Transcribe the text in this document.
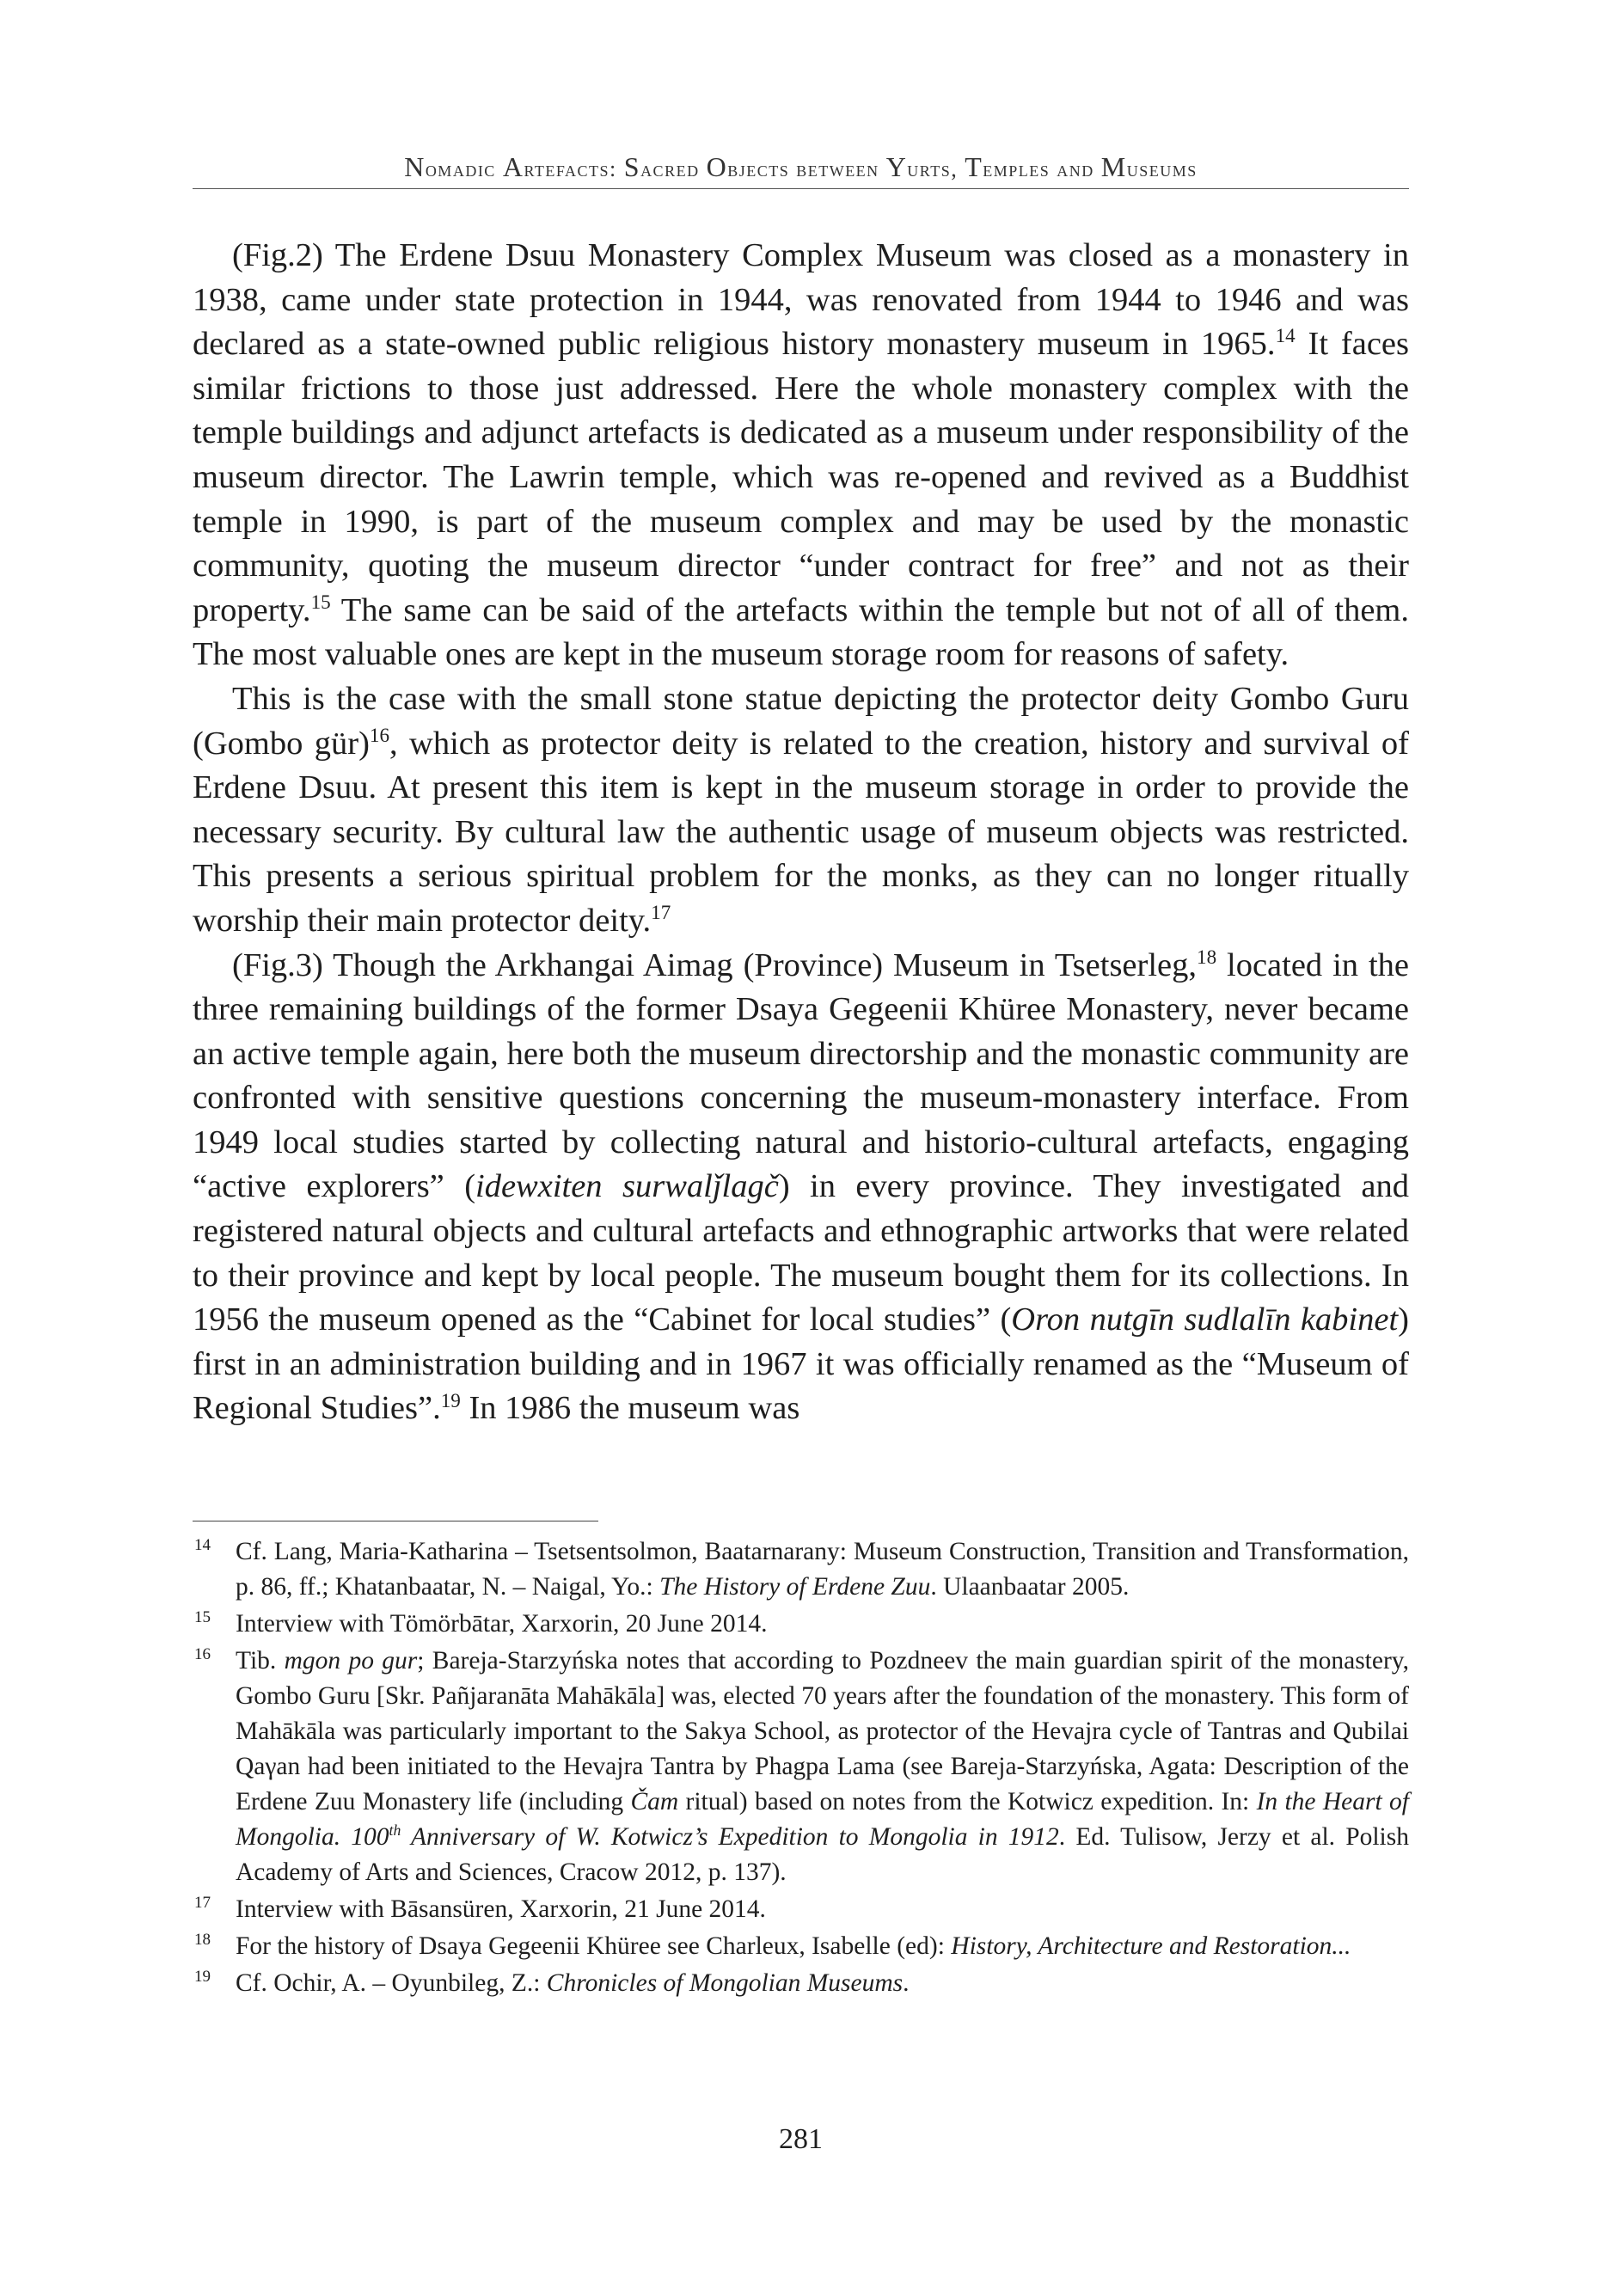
Nomadic Artefacts: Sacred Objects between Yurts, Temples and Museums

(Fig.2) The Erdene Dsuu Monastery Complex Museum was closed as a monastery in 1938, came under state protection in 1944, was renovated from 1944 to 1946 and was declared as a state-owned public religious history monastery museum in 1965.14 It faces similar frictions to those just addressed. Here the whole monastery complex with the temple buildings and adjunct artefacts is dedicated as a museum under responsibility of the museum director. The Lawrin temple, which was re-opened and revived as a Buddhist temple in 1990, is part of the museum complex and may be used by the monastic community, quoting the museum director “under contract for free” and not as their property.$^{15}$ The same can be said of the artefacts within the temple but not of all of them. The most valuable ones are kept in the museum storage room for reasons of safety.

This is the case with the small stone statue depicting the protector deity Gombo Guru (Gombo gür)$^{16}$, which as protector deity is related to the creation, history and survival of Erdene Dsuu. At present this item is kept in the museum storage in order to provide the necessary security. By cultural law the authentic usage of museum objects was restricted. This presents a serious spiritual problem for the monks, as they can no longer ritually worship their main protector deity.$^{17}$

(Fig.3) Though the Arkhangai Aimag (Province) Museum in Tsetserleg,$^{18}$ located in the three remaining buildings of the former Dsaya Gegeenii Khüree Monastery, never became an active temple again, here both the museum directorship and the monastic community are confronted with sensitive questions concerning the museum-monastery interface. From 1949 local studies started by collecting natural and historio-cultural artefacts, engaging “active explorers” (idewxiten surwalǰlagč) in every province. They investigated and registered natural objects and cultural artefacts and ethnographic artworks that were related to their province and kept by local people. The museum bought them for its collections. In 1956 the museum opened as the “Cabinet for local studies” (Oron nutgīn sudlalīn kabinet) first in an administration building and in 1967 it was officially renamed as the “Museum of Regional Studies”.$^{19}$ In 1986 the museum was

14 Cf. Lang, Maria-Katharina – Tsetsentsolmon, Baatarnarany: Museum Construction, Transition and Transformation, p. 86, ff.; Khatanbaatar, N. – Naigal, Yo.: The History of Erdene Zuu. Ulaanbaatar 2005.
15 Interview with Tömörbātar, Xarxorin, 20 June 2014.
16 Tib. mgon po gur; Bareja-Starzyńska notes that according to Pozdneev the main guardian spirit of the monastery, Gombo Guru [Skr. Pañjaranāta Mahākāla] was, elected 70 years after the foundation of the monastery. This form of Mahākāla was particularly important to the Sakya School, as protector of the Hevajra cycle of Tantras and Qubilai Qaγan had been initiated to the Hevajra Tantra by Phagpa Lama (see Bareja-Starzyńska, Agata: Description of the Erdene Zuu Monastery life (including Čam ritual) based on notes from the Kotwicz expedition. In: In the Heart of Mongolia. 100th Anniversary of W. Kotwicz’s Expedition to Mongolia in 1912. Ed. Tulisow, Jerzy et al. Polish Academy of Arts and Sciences, Cracow 2012, p. 137).
17 Interview with Bāsansüren, Xarxorin, 21 June 2014.
18 For the history of Dsaya Gegeenii Khüree see Charleux, Isabelle (ed): History, Architecture and Restoration...
19 Cf. Ochir, A. – Oyunbileg, Z.: Chronicles of Mongolian Museums.
281
